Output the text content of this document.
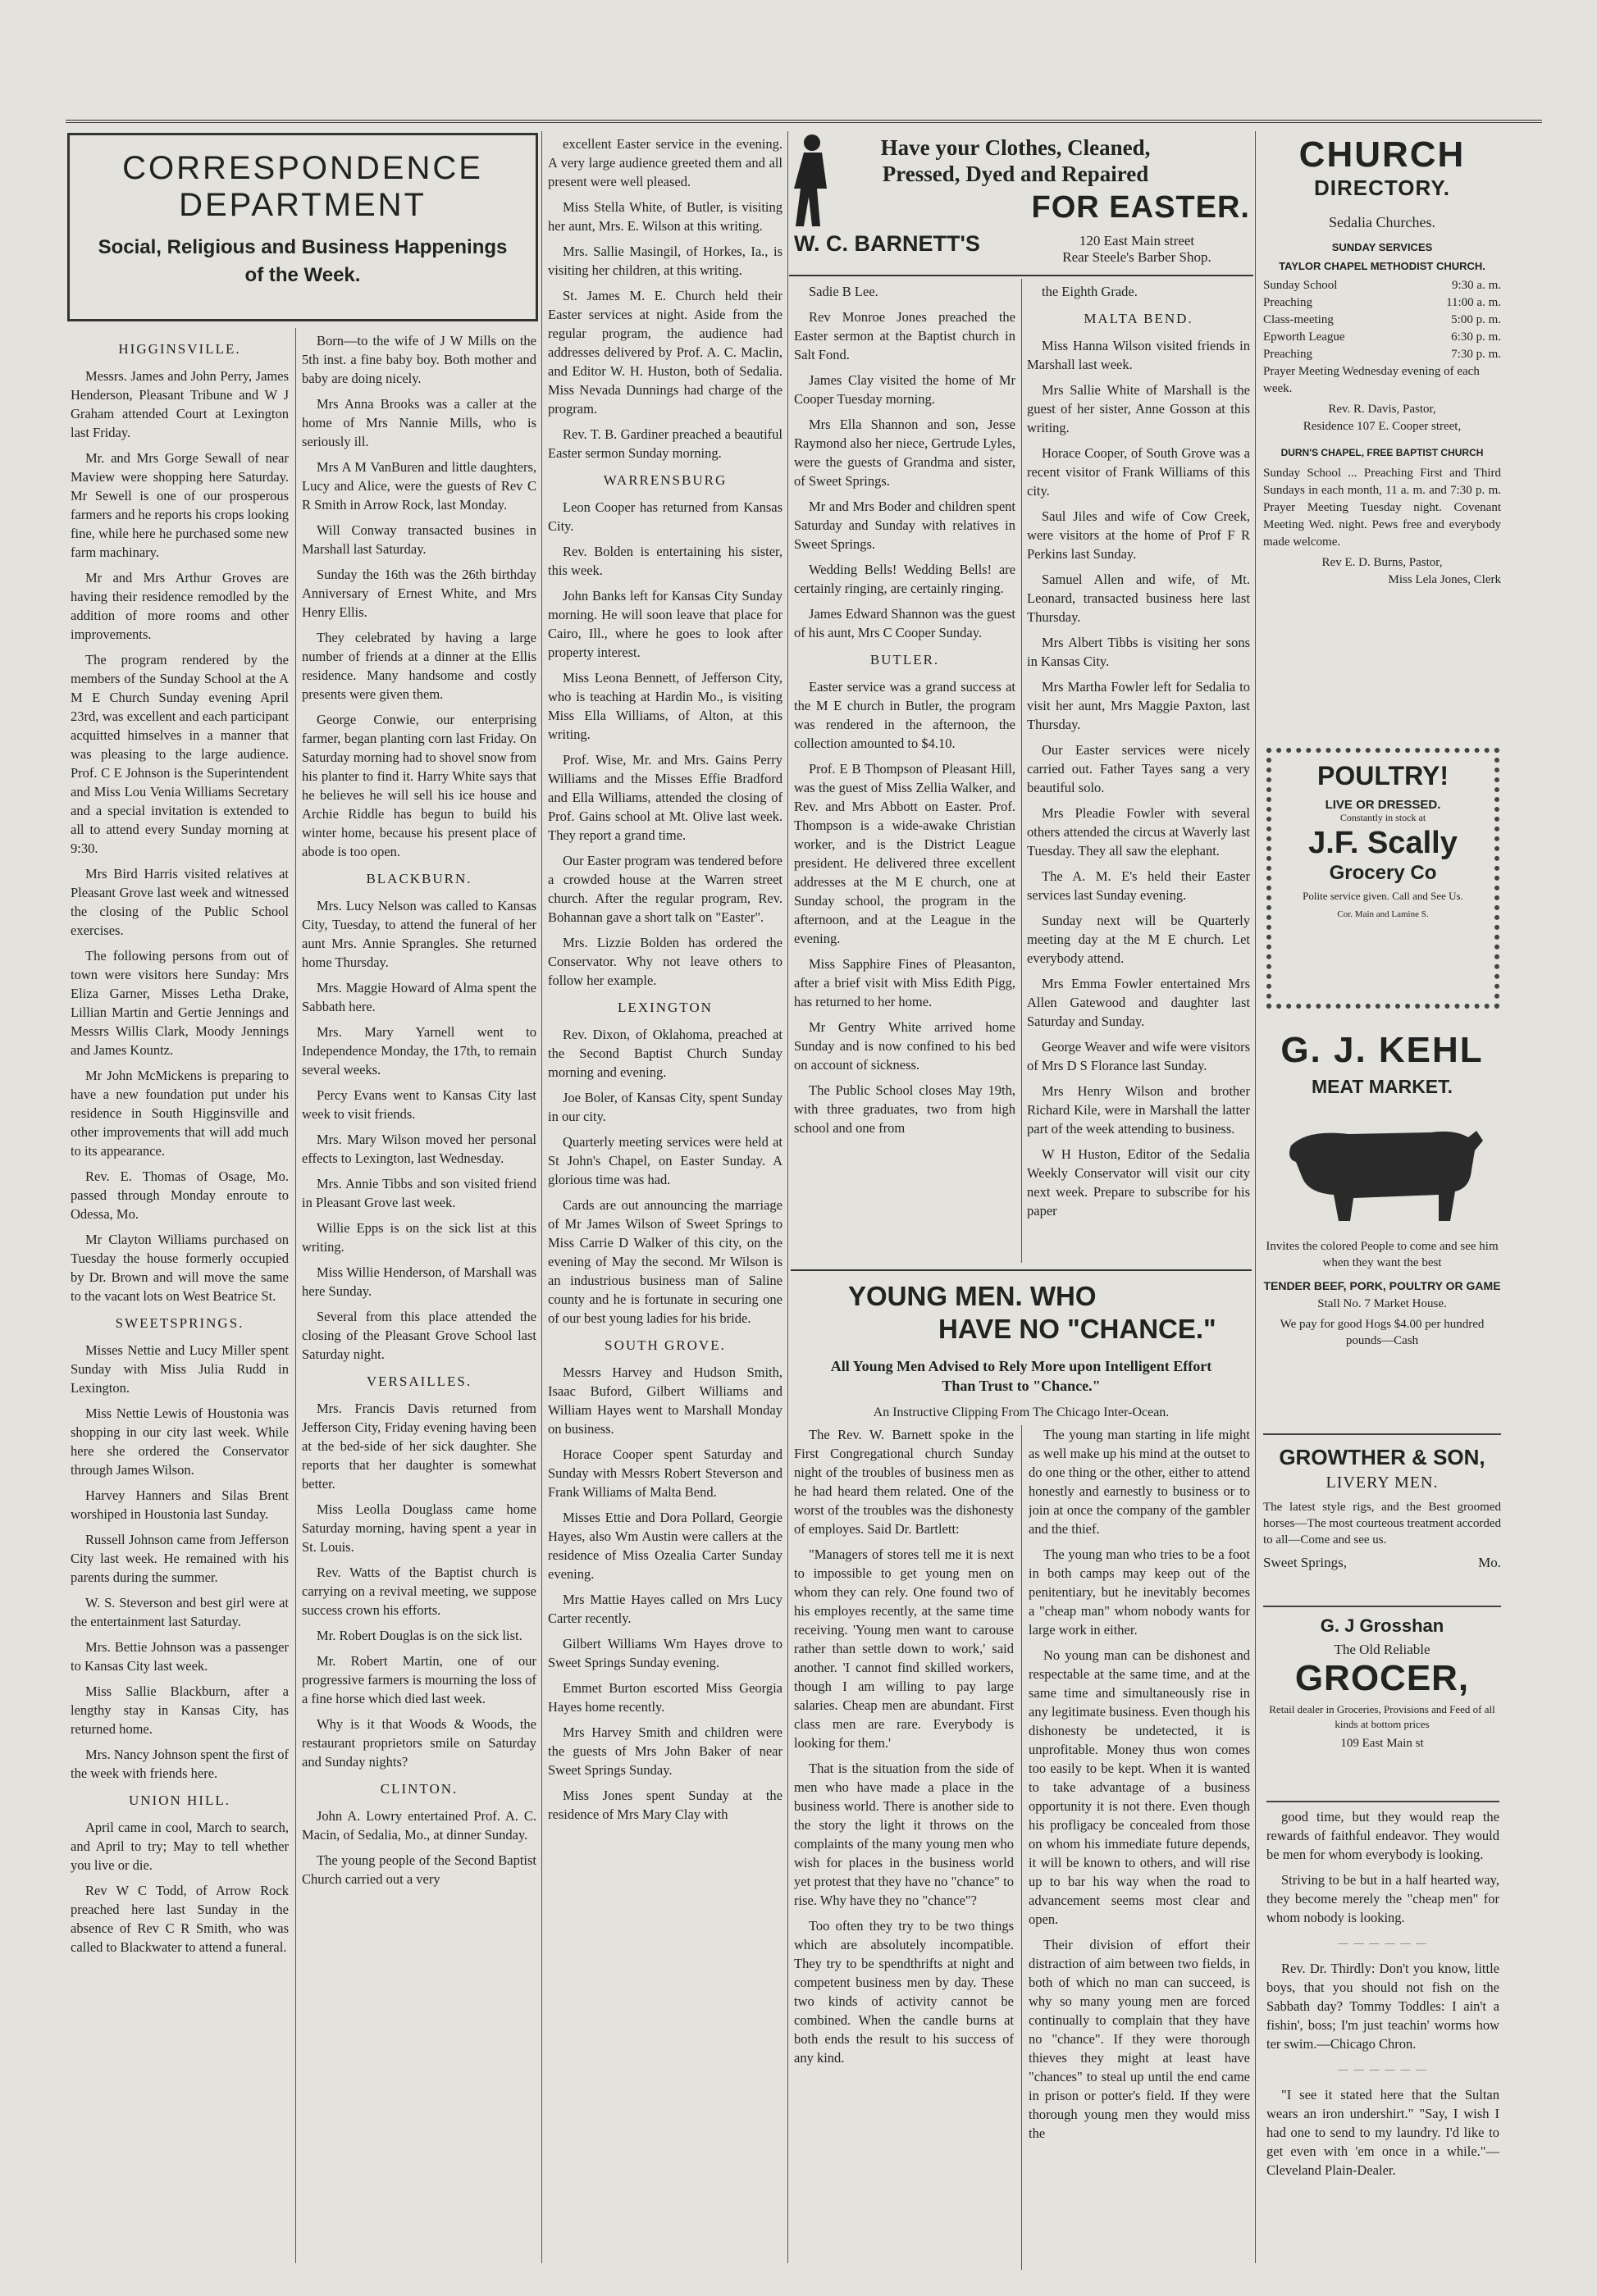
CORRESPONDENCE
DEPARTMENT
Social, Religious and Business Happenings of the Week.
Have your Clothes, Cleaned, Pressed, Dyed and Repaired
FOR EASTER.
W. C. BARNETT'S	120 East Main street
Rear Steele's Barber Shop.
HIGGINSVILLE.

Messrs. James and John Perry, James Henderson, Pleasant Tribune and W J Graham attended Court at Lexington last Friday.

Mr. and Mrs Gorge Sewall of near Maview were shopping here Saturday. Mr Sewell is one of our prosperous farmers and he reports his crops looking fine, while here he purchased some new farm machinary.

Mr and Mrs Arthur Groves are having their residence remodled by the addition of more rooms and other improvements.

The program rendered by the members of the Sunday School at the A M E Church Sunday evening April 23rd, was excellent and each participant acquitted himselves in a manner that was pleasing to the large audience. Prof. C E Johnson is the Superintendent and Miss Lou Venia Williams Secretary and a special invitation is extended to all to attend every Sunday morning at 9:30.

Mrs Bird Harris visited relatives at Pleasant Grove last week and witnessed the closing of the Public School exercises.

The following persons from out of town were visitors here Sunday: Mrs Eliza Garner, Misses Letha Drake, Lillian Martin and Gertie Jennings and Messrs Willis Clark, Moody Jennings and James Kountz.

Mr John McMickens is preparing to have a new foundation put under his residence in South Higginsville and other improvements that will add much to its appearance.

Rev. E. Thomas of Osage, Mo. passed through Monday enroute to Odessa, Mo.

Mr Clayton Williams purchased on Tuesday the house formerly occupied by Dr. Brown and will move the same to the vacant lots on West Beatrice St.

SWEETSPRINGS.

Misses Nettie and Lucy Miller spent Sunday with Miss Julia Rudd in Lexington.

Miss Nettie Lewis of Houstonia was shopping in our city last week. While here she ordered the Conservator through James Wilson.

Harvey Hanners and Silas Brent worshiped in Houstonia last Sunday.

Russell Johnson came from Jefferson City last week. He remained with his parents during the summer.

W. S. Steverson and best girl were at the entertainment last Saturday.

Mrs. Bettie Johnson was a passenger to Kansas City last week.

Miss Sallie Blackburn, after a lengthy stay in Kansas City, has returned home.

Mrs. Nancy Johnson spent the first of the week with friends here.

UNION HILL.

April came in cool, March to search, and April to try; May to tell whether you live or die.

Rev W C Todd, of Arrow Rock preached here last Sunday in the absence of Rev C R Smith, who was called to Blackwater to attend a funeral.

Born—to the wife of J W Mills on the 5th inst. a fine baby boy. Both mother and baby are doing nicely.

Mrs Anna Brooks was a caller at the home of Mrs Nannie Mills, who is seriously ill.

Mrs A M VanBuren and little daughters, Lucy and Alice, were the guests of Rev C R Smith in Arrow Rock, last Monday.

Will Conway transacted busines in Marshall last Saturday.

Sunday the 16th was the 26th birthday Anniversary of Ernest White, and Mrs Henry Ellis.

They celebrated by having a large number of friends at a dinner at the Ellis residence. Many handsome and costly presents were given them.

George Conwie, our enterprising farmer, began planting corn last Friday. On Saturday morning had to shovel snow from his planter to find it. Harry White says that he believes he will sell his ice house and Archie Riddle has begun to build his winter home, because his present place of abode is too open.

BLACKBURN.

Mrs. Lucy Nelson was called to Kansas City, Tuesday, to attend the funeral of her aunt Mrs. Annie Sprangles. She returned home Thursday.

Mrs. Maggie Howard of Alma spent the Sabbath here.

Mrs. Mary Yarnell went to Independence Monday, the 17th, to remain several weeks.

Percy Evans went to Kansas City last week to visit friends.

Mrs. Mary Wilson moved her personal effects to Lexington, last Wednesday.

Mrs. Annie Tibbs and son visited friend in Pleasant Grove last week.

Willie Epps is on the sick list at this writing.

Miss Willie Henderson, of Marshall was here Sunday.

Several from this place attended the closing of the Pleasant Grove School last Saturday night.

VERSAILLES.

Mrs. Francis Davis returned from Jefferson City, Friday evening having been at the bed-side of her sick daughter. She reports that her daughter is somewhat better.

Miss Leolla Douglass came home Saturday morning, having spent a year in St. Louis.

Rev. Watts of the Baptist church is carrying on a revival meeting, we suppose success crown his efforts.

Mr. Robert Douglas is on the sick list.

Mr. Robert Martin, one of our progressive farmers is mourning the loss of a fine horse which died last week.

Why is it that Woods & Woods, the restaurant proprietors smile on Saturday and Sunday nights?

CLINTON.

John A. Lowry entertained Prof. A. C. Macin, of Sedalia, Mo., at dinner Sunday.

The young people of the Second Baptist Church carried out a very

excellent Easter service in the evening. A very large audience greeted them and all present were well pleased.

Miss Stella White, of Butler, is visiting her aunt, Mrs. E. Wilson at this writing.

Mrs. Sallie Masingil, of Horkes, Ia., is visiting her children, at this writing.

St. James M. E. Church held their Easter services at night. Aside from the regular program, the audience had addresses delivered by Prof. A. C. Maclin, and Editor W. H. Huston, both of Sedalia. Miss Nevada Dunnings had charge of the program.

Rev. T. B. Gardiner preached a beautiful Easter sermon Sunday morning.

WARRENSBURG

Leon Cooper has returned from Kansas City.

Rev. Bolden is entertaining his sister, this week.

John Banks left for Kansas City Sunday morning. He will soon leave that place for Cairo, Ill., where he goes to look after property interest.

Miss Leona Bennett, of Jefferson City, who is teaching at Hardin Mo., is visiting Miss Ella Williams, of Alton, at this writing.

Prof. Wise, Mr. and Mrs. Gains Perry Williams and the Misses Effie Bradford and Ella Williams, attended the closing of Prof. Gains school at Mt. Olive last week. They report a grand time.

Our Easter program was tendered before a crowded house at the Warren street church. After the regular program, Rev. Bohannan gave a short talk on "Easter".

Mrs. Lizzie Bolden has ordered the Conservator. Why not leave others to follow her example.

LEXINGTON

Rev. Dixon, of Oklahoma, preached at the Second Baptist Church Sunday morning and evening.

Joe Boler, of Kansas City, spent Sunday in our city.

Quarterly meeting services were held at St John's Chapel, on Easter Sunday. A glorious time was had.

Cards are out announcing the marriage of Mr James Wilson of Sweet Springs to Miss Carrie D Walker of this city, on the evening of May the second. Mr Wilson is an industrious business man of Saline county and he is fortunate in securing one of our best young ladies for his bride.

SOUTH GROVE.

Messrs Harvey and Hudson Smith, Isaac Buford, Gilbert Williams and William Hayes went to Marshall Monday on business.

Horace Cooper spent Saturday and Sunday with Messrs Robert Steverson and Frank Williams of Malta Bend.

Misses Ettie and Dora Pollard, Georgie Hayes, also Wm Austin were callers at the residence of Miss Ozealia Carter Sunday evening.

Mrs Mattie Hayes called on Mrs Lucy Carter recently.

Gilbert Williams Wm Hayes drove to Sweet Springs Sunday evening.

Emmet Burton escorted Miss Georgia Hayes home recently.

Mrs Harvey Smith and children were the guests of Mrs John Baker of near Sweet Springs Sunday.

Miss Jones spent Sunday at the residence of Mrs Mary Clay with

Sadie B Lee.

Rev Monroe Jones preached the Easter sermon at the Baptist church in Salt Fond.

James Clay visited the home of Mr Cooper Tuesday morning.

Mrs Ella Shannon and son, Jesse Raymond also her niece, Gertrude Lyles, were the guests of Grandma and sister, of Sweet Springs.

Mr and Mrs Boder and children spent Saturday and Sunday with relatives in Sweet Springs.

Wedding Bells! Wedding Bells! are certainly ringing, are certainly ringing.

James Edward Shannon was the guest of his aunt, Mrs C Cooper Sunday.

BUTLER.

Easter service was a grand success at the M E church in Butler, the program was rendered in the afternoon, the collection amounted to $4.10.

Prof. E B Thompson of Pleasant Hill, was the guest of Miss Zellia Walker, and Rev. and Mrs Abbott on Easter. Prof. Thompson is a wide-awake Christian worker, and is the District League president. He delivered three excellent addresses at the M E church, one at Sunday school, the program in the afternoon, and at the League in the evening.

Miss Sapphire Fines of Pleasanton, after a brief visit with Miss Edith Pigg, has returned to her home.

Mr Gentry White arrived home Sunday and is now confined to his bed on account of sickness.

The Public School closes May 19th, with three graduates, two from high school and one from

the Eighth Grade.

MALTA BEND.

Miss Hanna Wilson visited friends in Marshall last week.

Mrs Sallie White of Marshall is the guest of her sister, Anne Gosson at this writing.

Horace Cooper, of South Grove was a recent visitor of Frank Williams of this city.

Saul Jiles and wife of Cow Creek, were visitors at the home of Prof F R Perkins last Sunday.

Samuel Allen and wife, of Mt. Leonard, transacted business here last Thursday.

Mrs Albert Tibbs is visiting her sons in Kansas City.

Mrs Martha Fowler left for Sedalia to visit her aunt, Mrs Maggie Paxton, last Thursday.

Our Easter services were nicely carried out. Father Tayes sang a very beautiful solo.

Mrs Pleadie Fowler with several others attended the circus at Waverly last Tuesday. They all saw the elephant.

The A. M. E's held their Easter services last Sunday evening.

Sunday next will be Quarterly meeting day at the M E church. Let everybody attend.

Mrs Emma Fowler entertained Mrs Allen Gatewood and daughter last Saturday and Sunday.

George Weaver and wife were visitors of Mrs D S Florance last Sunday.

Mrs Henry Wilson and brother Richard Kile, were in Marshall the latter part of the week attending to business.

W H Huston, Editor of the Sedalia Weekly Conservator will visit our city next week. Prepare to subscribe for his paper

YOUNG MEN. WHO
HAVE NO "CHANCE."
All Young Men Advised to Rely More upon Intelligent Effort Than Trust to "Chance."
An Instructive Clipping From The Chicago Inter-Ocean.

The Rev. W. Barnett spoke in the First Congregational church Sunday night of the troubles of business men as he had heard them related. One of the worst of the troubles was the dishonesty of employes. Said Dr. Bartlett:

"Managers of stores tell me it is next to impossible to get young men on whom they can rely. One found two of his employes recently, at the same time receiving. 'Young men want to carouse rather than settle down to work,' said another. 'I cannot find skilled workers, though I am willing to pay large salaries. Cheap men are abundant. First class men are rare. Everybody is looking for them.'

That is the situation from the side of men who have made a place in the business world. There is another side to the story the light it throws on the complaints of the many young men who wish for places in the business world yet protest that they have no "chance" to rise. Why have they no "chance"?

Too often they try to be two things which are absolutely incompatible. They try to be spendthrifts at night and competent business men by day. These two kinds of activity cannot be combined. When the candle burns at both ends the result to his success of any kind.

The young man starting in life might as well make up his mind at the outset to do one thing or the other, either to attend honestly and earnestly to business or to join at once the company of the gambler and the thief.

The young man who tries to be a foot in both camps may keep out of the penitentiary, but he inevitably becomes a "cheap man" whom nobody wants for large work in either.

No young man can be dishonest and respectable at the same time, and at the same time and simultaneously rise in any legitimate business. Even though his dishonesty be undetected, it is unprofitable. Money thus won comes too easily to be kept. When it is wanted to take advantage of a business opportunity it is not there. Even though his profligacy be concealed from those on whom his immediate future depends, it will be known to others, and will rise up to bar his way when the road to advancement seems most clear and open.

Their division of effort their distraction of aim between two fields, in both of which no man can succeed, is why so many young men are forced continually to complain that they have no "chance". If they were thorough thieves they might at least have "chances" to steal up until the end came in prison or potter's field. If they were thorough young men they would miss the

CHURCH
DIRECTORY.
Sedalia Churches.
SUNDAY SERVICES
TAYLOR CHAPEL METHODIST CHURCH.
Sunday School	9:30 a. m.
Preaching	11:00 a. m.
Class-meeting	5:00 p. m.
Epworth League	6:30 p. m.
Preaching	7:30 p. m.
Prayer Meeting Wednesday evening of each week.
Rev. R. Davis, Pastor,
Residence 107 E. Cooper street,
DURN'S CHAPEL, FREE BAPTIST CHURCH
Sunday School ... Preaching First and Third Sundays in each month, 11 a. m. and 7:30 p. m. Prayer Meeting Tuesday night. Covenant Meeting Wed. night. Pews free and everybody made welcome.
Rev E. D. Burns, Pastor,
Miss Lela Jones, Clerk
POULTRY!
LIVE OR DRESSED.
Constantly in stock at
J.F. Scally
Grocery Co
Polite service given. Call and See Us.
Cor. Main and Lamine S.
G. J. KEHL
MEAT MARKET.
Invites the colored People to come and see him when they want the best
TENDER BEEF, PORK, POULTRY OR GAME
Stall No. 7 Market House.
We pay for good Hogs $4.00 per hundred pounds—Cash
GROWTHER & SON,
LIVERY MEN.
The latest style rigs, and the Best groomed horses—The most courteous treatment accorded to all—Come and see us.
Sweet Springs,	Mo.
G. J Grosshan
The Old Reliable
GROCER,
Retail dealer in Groceries, Provisions and Feed of all kinds at bottom prices
109 East Main st

good time, but they would reap the rewards of faithful endeavor. They would be men for whom everybody is looking.

Striving to be but in a half hearted way, they become merely the "cheap men" for whom nobody is looking.

— — — — — —

Rev. Dr. Thirdly: Don't you know, little boys, that you should not fish on the Sabbath day? Tommy Toddles: I ain't a fishin', boss; I'm just teachin' worms how ter swim.—Chicago Chron.

— — — — — —

"I see it stated here that the Sultan wears an iron undershirt." "Say, I wish I had one to send to my laundry. I'd like to get even with 'em once in a while."—Cleveland Plain-Dealer.
